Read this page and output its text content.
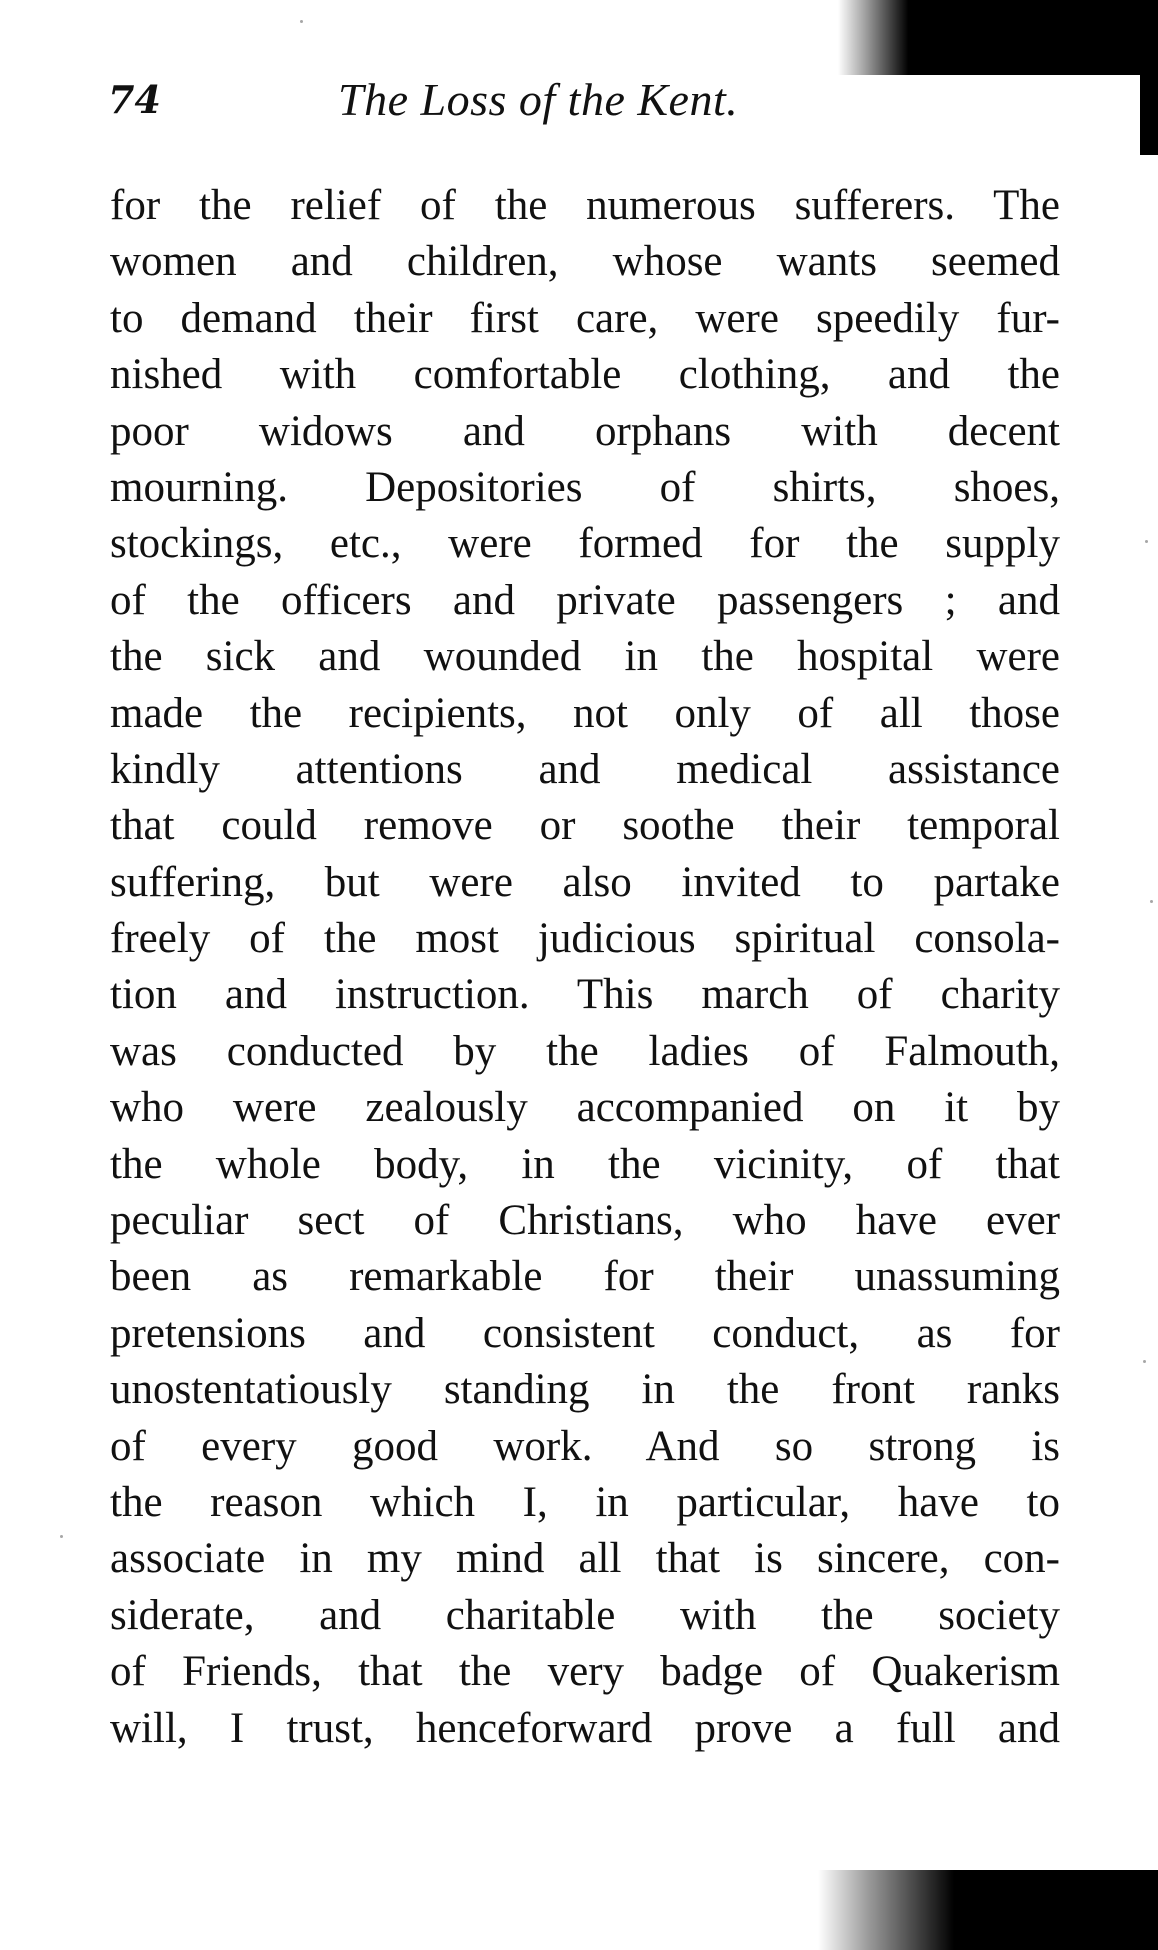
74	The Loss of the Kent.
for the relief of the numerous sufferers. The
women and children, whose wants seemed
to demand their first care, were speedily fur-
nished with comfortable clothing, and the
poor widows and orphans with decent
mourning. Depositories of shirts, shoes,
stockings, etc., were formed for the supply
of the officers and private passengers ; and
the sick and wounded in the hospital were
made the recipients, not only of all those
kindly attentions and medical assistance
that could remove or soothe their temporal
suffering, but were also invited to partake
freely of the most judicious spiritual consola-
tion and instruction. This march of charity
was conducted by the ladies of Falmouth,
who were zealously accompanied on it by
the whole body, in the vicinity, of that
peculiar sect of Christians, who have ever
been as remarkable for their unassuming
pretensions and consistent conduct, as for
unostentatiously standing in the front ranks
of every good work. And so strong is
the reason which I, in particular, have to
associate in my mind all that is sincere, con-
siderate, and charitable with the society
of Friends, that the very badge of Quakerism
will, I trust, henceforward prove a full and
